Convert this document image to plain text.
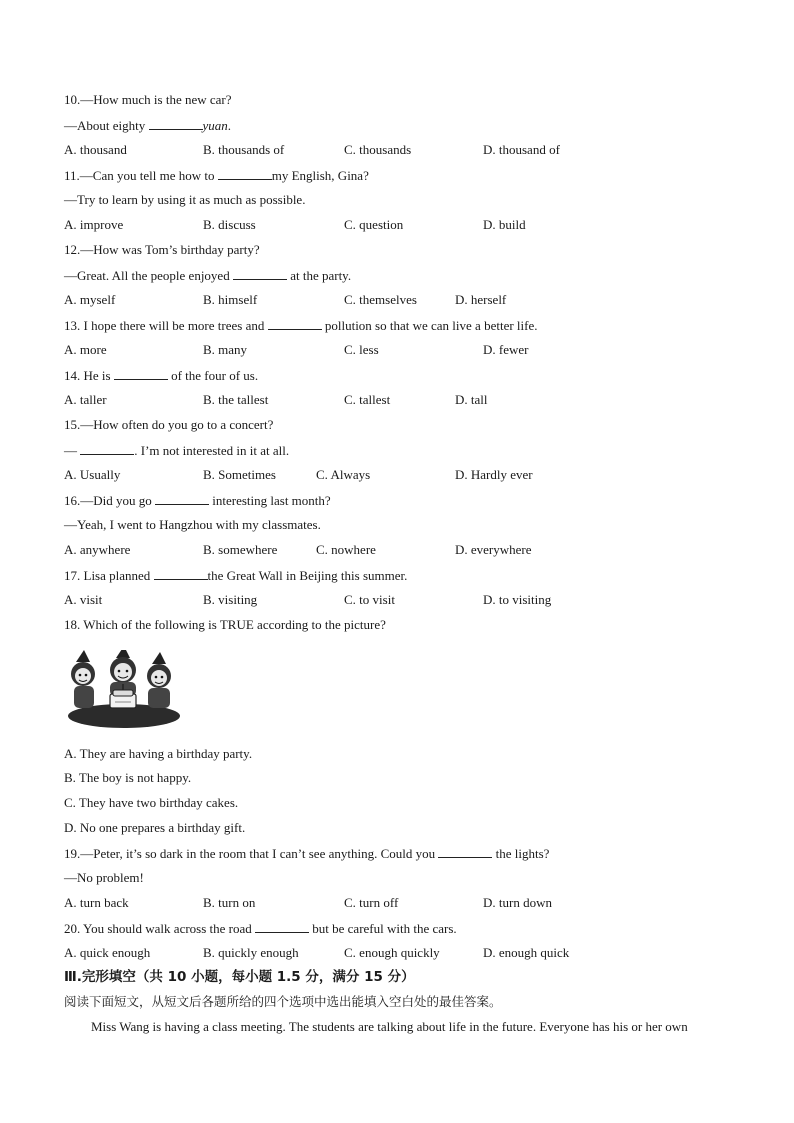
10.—How much is the new car?
—About eighty	yuan.
A. thousand	B. thousands of	C. thousands	D. thousand of
11.—Can you tell me how to	my English, Gina?
—Try to learn by using it as much as possible.
A. improve	B. discuss	C. question	D. build
12.—How was Tom’s birthday party?
—Great. All the people enjoyed	at the party.
A. myself	B. himself	C. themselves	D. herself
13. I hope there will be more trees and	pollution so that we can live a better life.
A. more	B. many	C. less	D. fewer
14. He is	of the four of us.
A. taller	B. the tallest	C. tallest	D. tall
15.—How often do you go to a concert?
—	. I’m not interested in it at all.
A. Usually	B. Sometimes	C. Always	D. Hardly ever
16.—Did you go	interesting last month?
—Yeah, I went to Hangzhou with my classmates.
A. anywhere	B. somewhere	C. nowhere	D. everywhere
17. Lisa planned	the Great Wall in Beijing this summer.
A. visit	B. visiting	C. to visit	D. to visiting
18. Which of the following is TRUE according to the picture?
A. They are having a birthday party.
B. The boy is not happy.
C. They have two birthday cakes.
D. No one prepares a birthday gift.
19.—Peter, it’s so dark in the room that I can’t see anything. Could you	the lights?
—No problem!
A. turn back	B. turn on	C. turn off	D. turn down
20. You should walk across the road	but be careful with the cars.
A. quick enough	B. quickly enough	C. enough quickly	D. enough quick
Ⅲ.完形填空（共 10 小题，每小题 1.5 分，满分 15 分）
阅读下面短文，从短文后各题所给的四个选项中选出能填入空白处的最佳答案。
Miss Wang is having a class meeting. The students are talking about life in the future. Everyone has his or her own
